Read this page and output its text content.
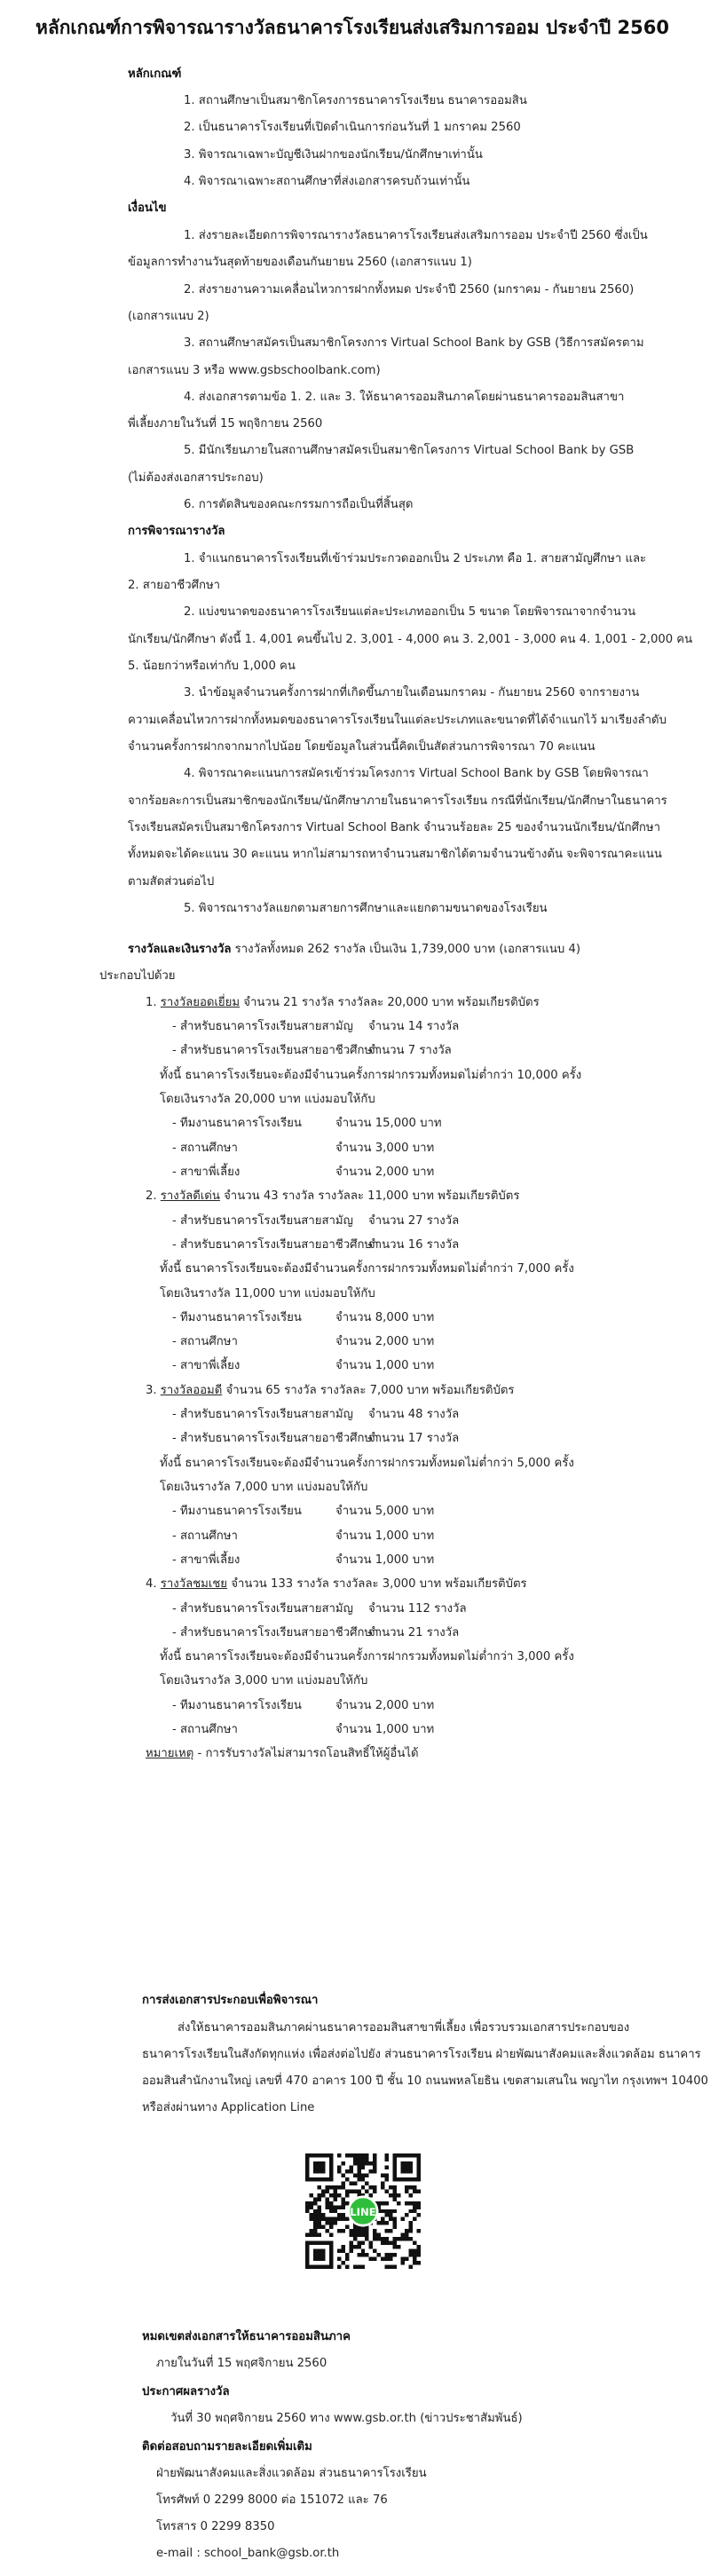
หลักเกณฑ์การพิจารณารางวัลธนาคารโรงเรียนส่งเสริมการออม ประจำปี 2560
หลักเกณฑ์
1. สถานศึกษาเป็นสมาชิกโครงการธนาคารโรงเรียน ธนาคารออมสิน
2. เป็นธนาคารโรงเรียนที่เปิดดำเนินการก่อนวันที่ 1 มกราคม 2560
3. พิจารณาเฉพาะบัญชีเงินฝากของนักเรียน/นักศึกษาเท่านั้น
4. พิจารณาเฉพาะสถานศึกษาที่ส่งเอกสารครบถ้วนเท่านั้น
เงื่อนไข
1. ส่งรายละเอียดการพิจารณารางวัลธนาคารโรงเรียนส่งเสริมการออม ประจำปี 2560 ซึ่งเป็น
ข้อมูลการทำงานวันสุดท้ายของเดือนกันยายน 2560 (เอกสารแนบ 1)
2. ส่งรายงานความเคลื่อนไหวการฝากทั้งหมด ประจำปี 2560 (มกราคม - กันยายน 2560)
(เอกสารแนบ 2)
3. สถานศึกษาสมัครเป็นสมาชิกโครงการ Virtual School Bank by GSB (วิธีการสมัครตาม
เอกสารแนบ 3 หรือ www.gsbschoolbank.com)
4. ส่งเอกสารตามข้อ 1. 2. และ 3. ให้ธนาคารออมสินภาคโดยผ่านธนาคารออมสินสาขา
พี่เลี้ยงภายในวันที่ 15 พฤจิกายน 2560
5. มีนักเรียนภายในสถานศึกษาสมัครเป็นสมาชิกโครงการ Virtual School Bank by GSB
(ไม่ต้องส่งเอกสารประกอบ)
6. การตัดสินของคณะกรรมการถือเป็นที่สิ้นสุด
การพิจารณารางวัล
1. จำแนกธนาคารโรงเรียนที่เข้าร่วมประกวดออกเป็น 2 ประเภท คือ 1. สายสามัญศึกษา และ
2. สายอาชีวศึกษา
2. แบ่งขนาดของธนาคารโรงเรียนแต่ละประเภทออกเป็น 5 ขนาด โดยพิจารณาจากจำนวน
นักเรียน/นักศึกษา ดังนี้ 1. 4,001 คนขึ้นไป 2. 3,001 - 4,000 คน 3. 2,001 - 3,000 คน 4. 1,001 - 2,000 คน
5. น้อยกว่าหรือเท่ากับ 1,000 คน
3. นำข้อมูลจำนวนครั้งการฝากที่เกิดขึ้นภายในเดือนมกราคม - กันยายน 2560 จากรายงาน
ความเคลื่อนไหวการฝากทั้งหมดของธนาคารโรงเรียนในแต่ละประเภทและขนาดที่ได้จำแนกไว้ มาเรียงลำดับ
จำนวนครั้งการฝากจากมากไปน้อย โดยข้อมูลในส่วนนี้คิดเป็นสัดส่วนการพิจารณา 70 คะแนน
4. พิจารณาคะแนนการสมัครเข้าร่วมโครงการ Virtual School Bank by GSB โดยพิจารณา
จากร้อยละการเป็นสมาชิกของนักเรียน/นักศึกษาภายในธนาคารโรงเรียน กรณีที่นักเรียน/นักศึกษาในธนาคาร
โรงเรียนสมัครเป็นสมาชิกโครงการ Virtual School Bank จำนวนร้อยละ 25 ของจำนวนนักเรียน/นักศึกษา
ทั้งหมดจะได้คะแนน 30 คะแนน หากไม่สามารถหาจำนวนสมาชิกได้ตามจำนวนข้างต้น จะพิจารณาคะแนน
ตามสัดส่วนต่อไป
5. พิจารณารางวัลแยกตามสายการศึกษาและแยกตามขนาดของโรงเรียน
รางวัลและเงินรางวัล รางวัลทั้งหมด 262 รางวัล เป็นเงิน 1,739,000 บาท (เอกสารแนบ 4)
ประกอบไปด้วย
1. รางวัลยอดเยี่ยม จำนวน 21 รางวัล รางวัลละ 20,000 บาท พร้อมเกียรติบัตร
- สำหรับธนาคารโรงเรียนสายสามัญ จำนวน 14 รางวัล
- สำหรับธนาคารโรงเรียนสายอาชีวศึกษา
จำนวน 7 รางวัล
ทั้งนี้ ธนาคารโรงเรียนจะต้องมีจำนวนครั้งการฝากรวมทั้งหมดไม่ต่ำกว่า 10,000 ครั้ง
โดยเงินรางวัล 20,000 บาท แบ่งมอบให้กับ
- ทีมงานธนาคารโรงเรียน	จำนวน 15,000 บาท
- สถานศึกษา	จำนวน 3,000 บาท
- สาขาพี่เลี้ยง	จำนวน 2,000 บาท
2. รางวัลดีเด่น จำนวน 43 รางวัล รางวัลละ 11,000 บาท พร้อมเกียรติบัตร
- สำหรับธนาคารโรงเรียนสายสามัญ จำนวน 27 รางวัล
- สำหรับธนาคารโรงเรียนสายอาชีวศึกษา
จำนวน 16 รางวัล
ทั้งนี้ ธนาคารโรงเรียนจะต้องมีจำนวนครั้งการฝากรวมทั้งหมดไม่ต่ำกว่า 7,000 ครั้ง
โดยเงินรางวัล 11,000 บาท แบ่งมอบให้กับ
- ทีมงานธนาคารโรงเรียน	จำนวน 8,000 บาท
- สถานศึกษา	จำนวน 2,000 บาท
- สาขาพี่เลี้ยง	จำนวน 1,000 บาท
3. รางวัลออมดี จำนวน 65 รางวัล รางวัลละ 7,000 บาท พร้อมเกียรติบัตร
- สำหรับธนาคารโรงเรียนสายสามัญ จำนวน 48 รางวัล
- สำหรับธนาคารโรงเรียนสายอาชีวศึกษา
จำนวน 17 รางวัล
ทั้งนี้ ธนาคารโรงเรียนจะต้องมีจำนวนครั้งการฝากรวมทั้งหมดไม่ต่ำกว่า 5,000 ครั้ง
โดยเงินรางวัล 7,000 บาท แบ่งมอบให้กับ
- ทีมงานธนาคารโรงเรียน	จำนวน 5,000 บาท
- สถานศึกษา	จำนวน 1,000 บาท
- สาขาพี่เลี้ยง	จำนวน 1,000 บาท
4. รางวัลชมเชย จำนวน 133 รางวัล รางวัลละ 3,000 บาท พร้อมเกียรติบัตร
- สำหรับธนาคารโรงเรียนสายสามัญ จำนวน 112 รางวัล
- สำหรับธนาคารโรงเรียนสายอาชีวศึกษา
จำนวน 21 รางวัล
ทั้งนี้ ธนาคารโรงเรียนจะต้องมีจำนวนครั้งการฝากรวมทั้งหมดไม่ต่ำกว่า 3,000 ครั้ง
โดยเงินรางวัล 3,000 บาท แบ่งมอบให้กับ
- ทีมงานธนาคารโรงเรียน	จำนวน 2,000 บาท
- สถานศึกษา	จำนวน 1,000 บาท
หมายเหตุ - การรับรางวัลไม่สามารถโอนสิทธิ์ให้ผู้อื่นได้
การส่งเอกสารประกอบเพื่อพิจารณา
ส่งให้ธนาคารออมสินภาคผ่านธนาคารออมสินสาขาพี่เลี้ยง เพื่อรวบรวมเอกสารประกอบของ
ธนาคารโรงเรียนในสังกัดทุกแห่ง เพื่อส่งต่อไปยัง ส่วนธนาคารโรงเรียน ฝ่ายพัฒนาสังคมและสิ่งแวดล้อม ธนาคาร
ออมสินสำนักงานใหญ่ เลขที่ 470 อาคาร 100 ปี ชั้น 10 ถนนพหลโยธิน เขตสามเสนใน พญาไท กรุงเทพฯ 10400
หรือส่งผ่านทาง Application Line
LINE
หมดเขตส่งเอกสารให้ธนาคารออมสินภาค
ภายในวันที่ 15 พฤศจิกายน 2560
ประกาศผลรางวัล
วันที่ 30 พฤศจิกายน 2560 ทาง www.gsb.or.th (ข่าวประชาสัมพันธ์)
ติดต่อสอบถามรายละเอียดเพิ่มเติม
ฝ่ายพัฒนาสังคมและสิ่งแวดล้อม ส่วนธนาคารโรงเรียน
โทรศัพท์ 0 2299 8000 ต่อ 151072 และ 76
โทรสาร 0 2299 8350
e-mail : school_bank@gsb.or.th
